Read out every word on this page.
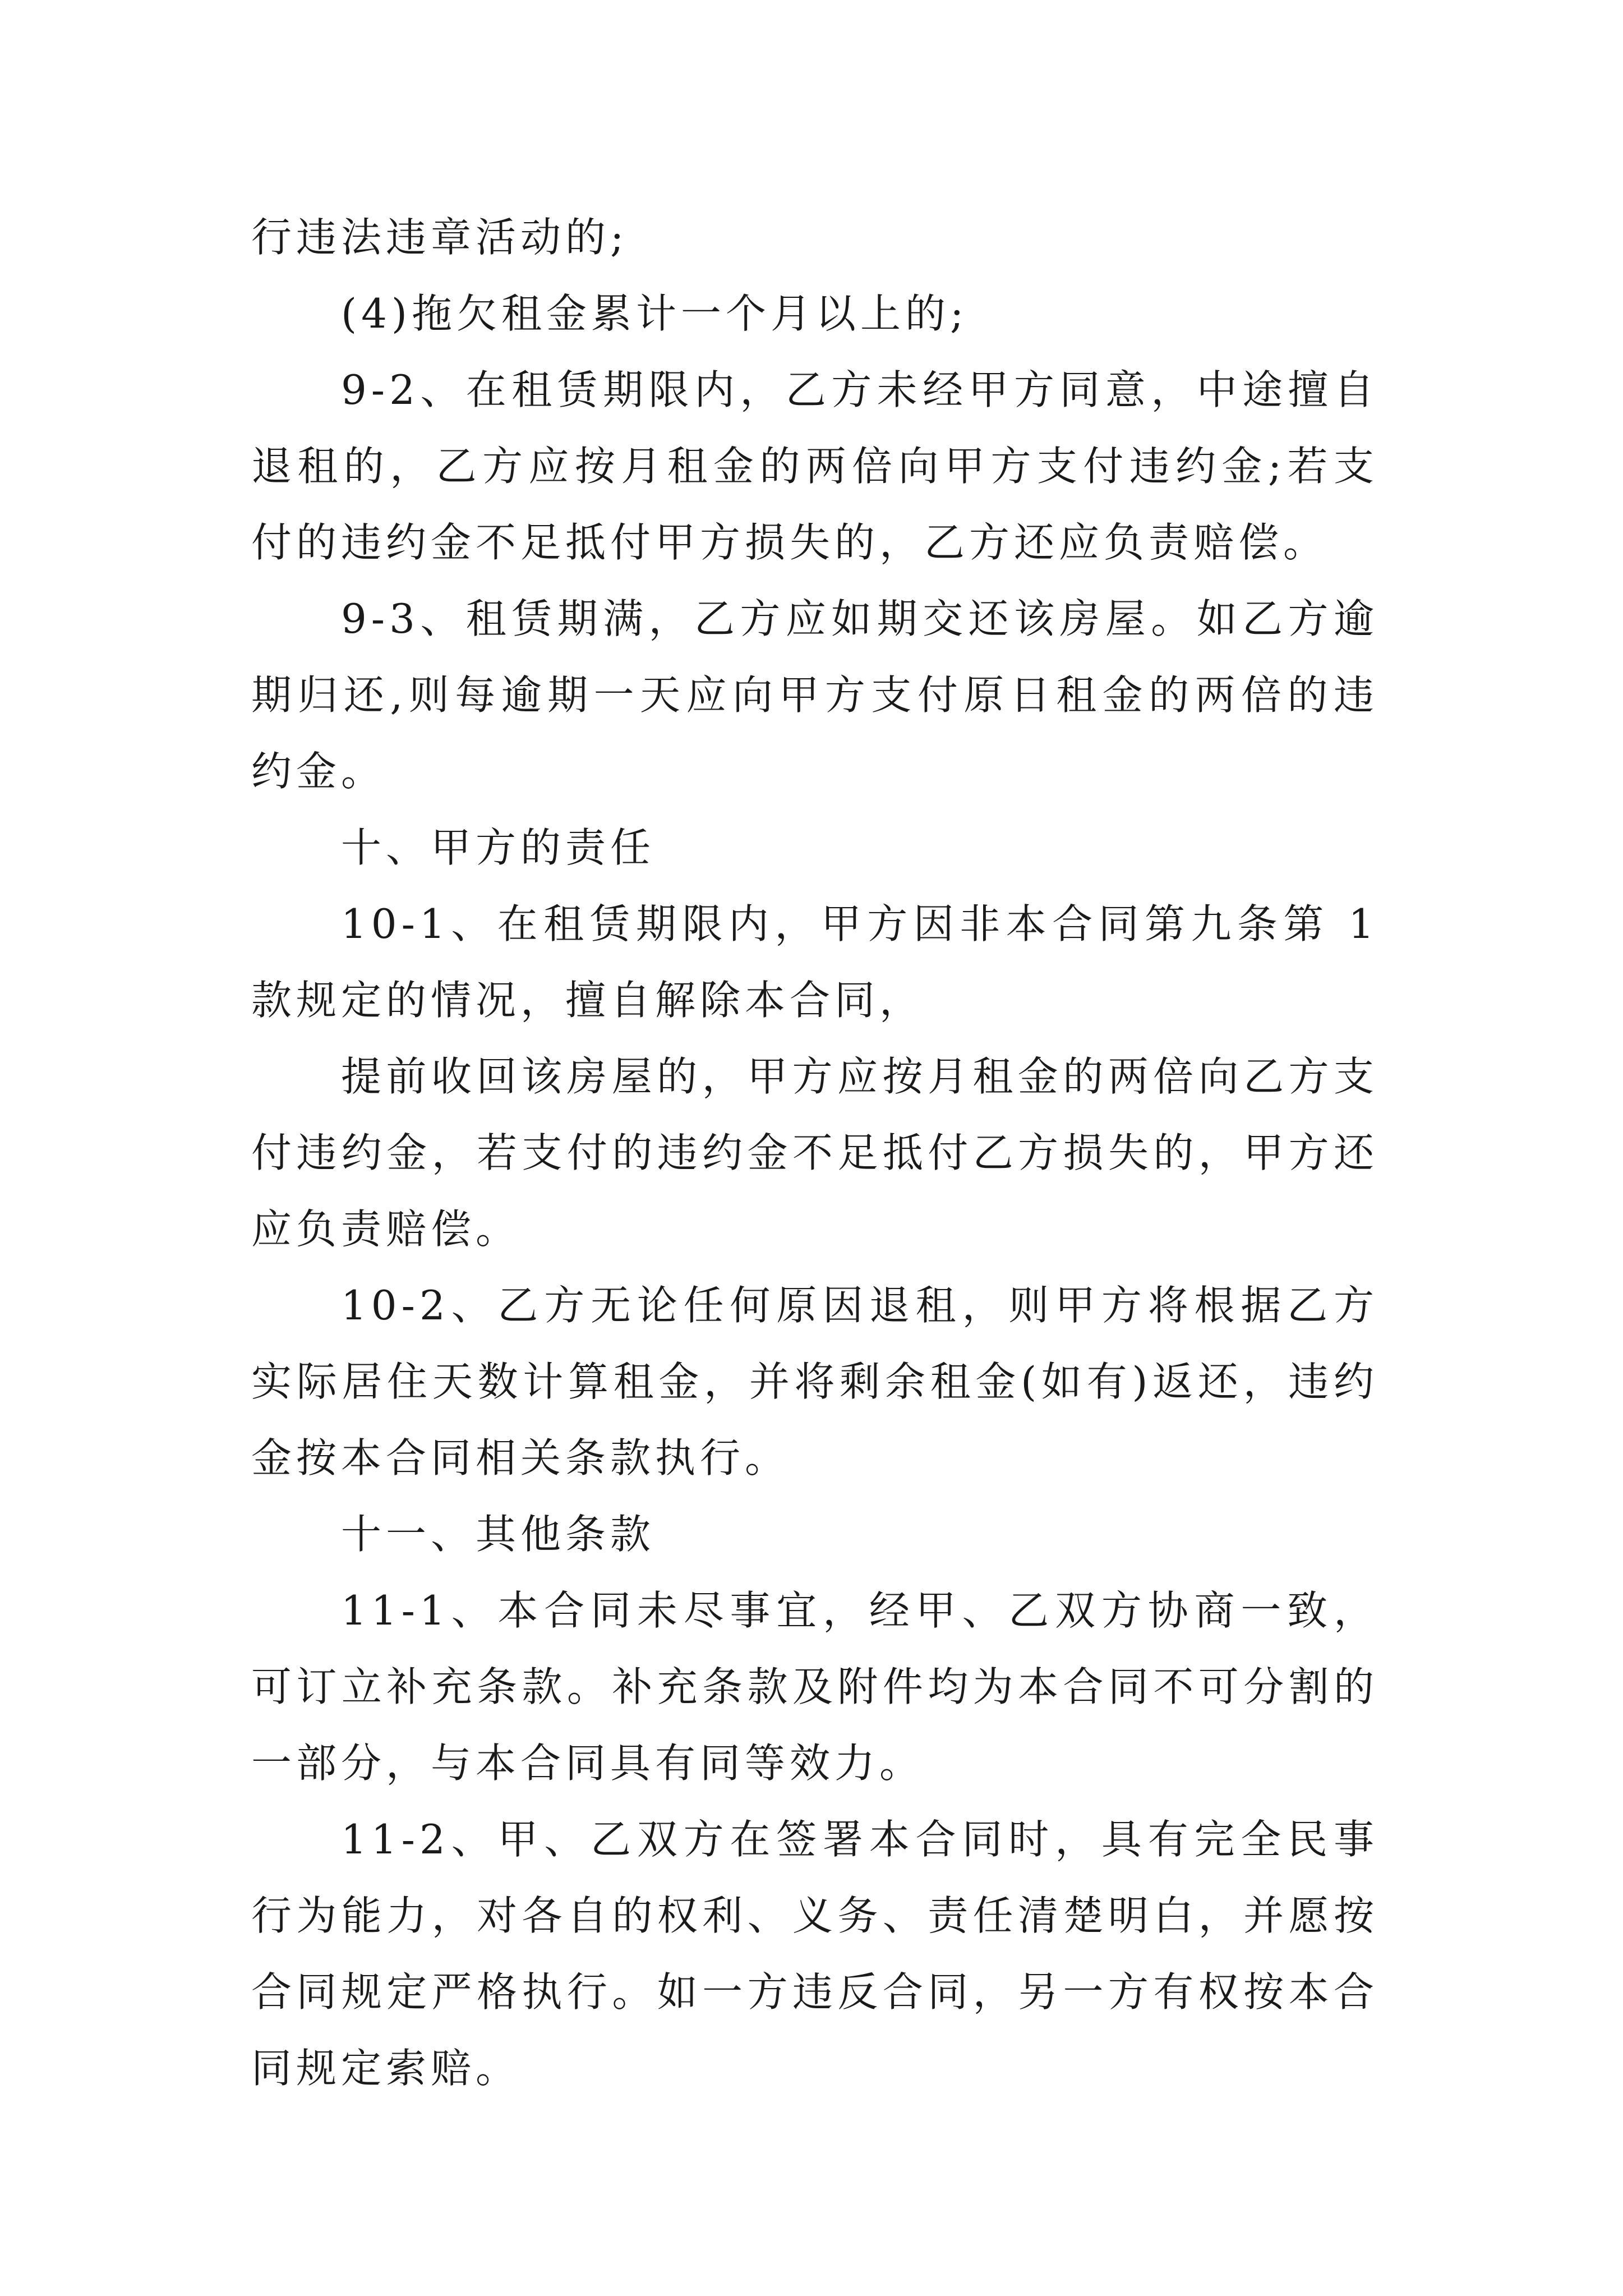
行违法违章活动的;

(4)拖欠租金累计一个月以上的;

9-2、在租赁期限内，乙方未经甲方同意，中途擅自退租的，乙方应按月租金的两倍向甲方支付违约金;若支付的违约金不足抵付甲方损失的，乙方还应负责赔偿。

9-3、租赁期满，乙方应如期交还该房屋。如乙方逾期归还,则每逾期一天应向甲方支付原日租金的两倍的违约金。

十、甲方的责任

10-1、在租赁期限内，甲方因非本合同第九条第 1 款规定的情况，擅自解除本合同，

提前收回该房屋的，甲方应按月租金的两倍向乙方支付违约金，若支付的违约金不足抵付乙方损失的，甲方还应负责赔偿。

10-2、乙方无论任何原因退租，则甲方将根据乙方实际居住天数计算租金，并将剩余租金(如有)返还，违约金按本合同相关条款执行。

十一、其他条款

11-1、本合同未尽事宜，经甲、乙双方协商一致，可订立补充条款。补充条款及附件均为本合同不可分割的一部分，与本合同具有同等效力。

11-2、甲、乙双方在签署本合同时，具有完全民事行为能力，对各自的权利、义务、责任清楚明白，并愿按合同规定严格执行。如一方违反合同，另一方有权按本合同规定索赔。
